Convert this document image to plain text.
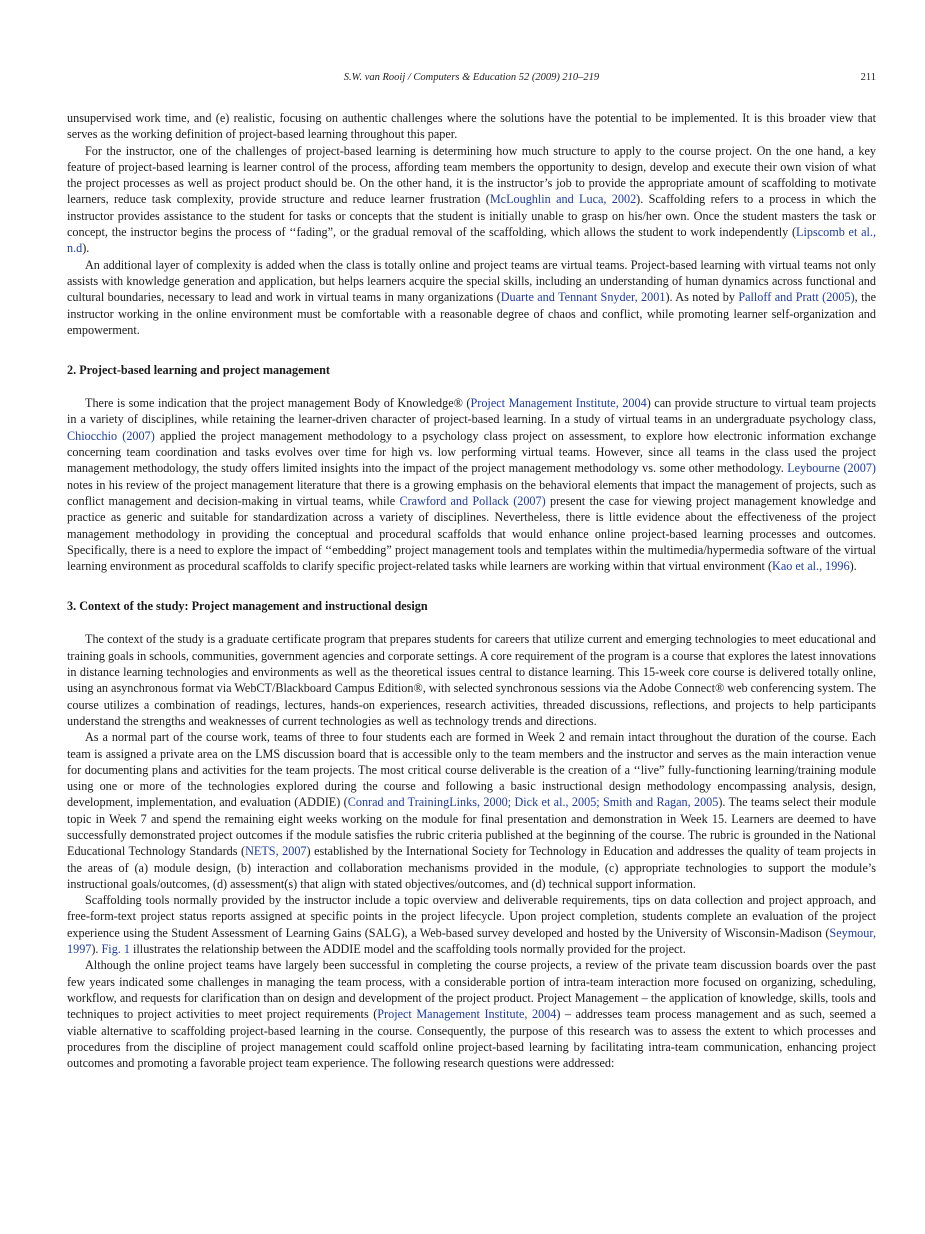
S.W. van Rooij / Computers & Education 52 (2009) 210–219	211

unsupervised work time, and (e) realistic, focusing on authentic challenges where the solutions have the potential to be implemented. It is this broader view that serves as the working definition of project-based learning throughout this paper.

For the instructor, one of the challenges of project-based learning is determining how much structure to apply to the course project. On the one hand, a key feature of project-based learning is learner control of the process, affording team members the opportunity to design, develop and execute their own vision of what the project processes as well as project product should be. On the other hand, it is the instructor’s job to provide the appropriate amount of scaffolding to motivate learners, reduce task complexity, provide structure and reduce learner frustration (McLoughlin and Luca, 2002). Scaffolding refers to a process in which the instructor provides assistance to the student for tasks or concepts that the student is initially unable to grasp on his/her own. Once the student masters the task or concept, the instructor begins the process of ‘‘fading”, or the gradual removal of the scaffolding, which allows the student to work independently (Lipscomb et al., n.d).

An additional layer of complexity is added when the class is totally online and project teams are virtual teams. Project-based learning with virtual teams not only assists with knowledge generation and application, but helps learners acquire the special skills, including an understanding of human dynamics across functional and cultural boundaries, necessary to lead and work in virtual teams in many organizations (Duarte and Tennant Snyder, 2001). As noted by Palloff and Pratt (2005), the instructor working in the online environment must be comfortable with a reasonable degree of chaos and conflict, while promoting learner self-organization and empowerment.

2. Project-based learning and project management

There is some indication that the project management Body of Knowledge® (Project Management Institute, 2004) can provide structure to virtual team projects in a variety of disciplines, while retaining the learner-driven character of project-based learning. In a study of virtual teams in an undergraduate psychology class, Chiocchio (2007) applied the project management methodology to a psychology class project on assessment, to explore how electronic information exchange concerning team coordination and tasks evolves over time for high vs. low performing virtual teams. However, since all teams in the class used the project management methodology, the study offers limited insights into the impact of the project management methodology vs. some other methodology. Leybourne (2007) notes in his review of the project management literature that there is a growing emphasis on the behavioral elements that impact the management of projects, such as conflict management and decision-making in virtual teams, while Crawford and Pollack (2007) present the case for viewing project management knowledge and practice as generic and suitable for standardization across a variety of disciplines. Nevertheless, there is little evidence about the effectiveness of the project management methodology in providing the conceptual and procedural scaffolds that would enhance online project-based learning processes and outcomes. Specifically, there is a need to explore the impact of ‘‘embedding” project management tools and templates within the multimedia/hypermedia software of the virtual learning environment as procedural scaffolds to clarify specific project-related tasks while learners are working within that virtual environment (Kao et al., 1996).

3. Context of the study: Project management and instructional design

The context of the study is a graduate certificate program that prepares students for careers that utilize current and emerging technologies to meet educational and training goals in schools, communities, government agencies and corporate settings. A core requirement of the program is a course that explores the latest innovations in distance learning technologies and environments as well as the theoretical issues central to distance learning. This 15-week core course is delivered totally online, using an asynchronous format via WebCT/Blackboard Campus Edition®, with selected synchronous sessions via the Adobe Connect® web conferencing system. The course utilizes a combination of readings, lectures, hands-on experiences, research activities, threaded discussions, reflections, and projects to help participants understand the strengths and weaknesses of current technologies as well as technology trends and directions.

As a normal part of the course work, teams of three to four students each are formed in Week 2 and remain intact throughout the duration of the course. Each team is assigned a private area on the LMS discussion board that is accessible only to the team members and the instructor and serves as the main interaction venue for documenting plans and activities for the team projects. The most critical course deliverable is the creation of a ‘‘live” fully-functioning learning/training module using one or more of the technologies explored during the course and following a basic instructional design methodology encompassing analysis, design, development, implementation, and evaluation (ADDIE) (Conrad and TrainingLinks, 2000; Dick et al., 2005; Smith and Ragan, 2005). The teams select their module topic in Week 7 and spend the remaining eight weeks working on the module for final presentation and demonstration in Week 15. Learners are deemed to have successfully demonstrated project outcomes if the module satisfies the rubric criteria published at the beginning of the course. The rubric is grounded in the National Educational Technology Standards (NETS, 2007) established by the International Society for Technology in Education and addresses the quality of team projects in the areas of (a) module design, (b) interaction and collaboration mechanisms provided in the module, (c) appropriate technologies to support the module’s instructional goals/outcomes, (d) assessment(s) that align with stated objectives/outcomes, and (d) technical support information.

Scaffolding tools normally provided by the instructor include a topic overview and deliverable requirements, tips on data collection and project approach, and free-form-text project status reports assigned at specific points in the project lifecycle. Upon project completion, students complete an evaluation of the project experience using the Student Assessment of Learning Gains (SALG), a Web-based survey developed and hosted by the University of Wisconsin-Madison (Seymour, 1997). Fig. 1 illustrates the relationship between the ADDIE model and the scaffolding tools normally provided for the project.

Although the online project teams have largely been successful in completing the course projects, a review of the private team discussion boards over the past few years indicated some challenges in managing the team process, with a considerable portion of intra-team interaction more focused on organizing, scheduling, workflow, and requests for clarification than on design and development of the project product. Project Management – the application of knowledge, skills, tools and techniques to project activities to meet project requirements (Project Management Institute, 2004) – addresses team process management and as such, seemed a viable alternative to scaffolding project-based learning in the course. Consequently, the purpose of this research was to assess the extent to which processes and procedures from the discipline of project management could scaffold online project-based learning by facilitating intra-team communication, enhancing project outcomes and promoting a favorable project team experience. The following research questions were addressed:
